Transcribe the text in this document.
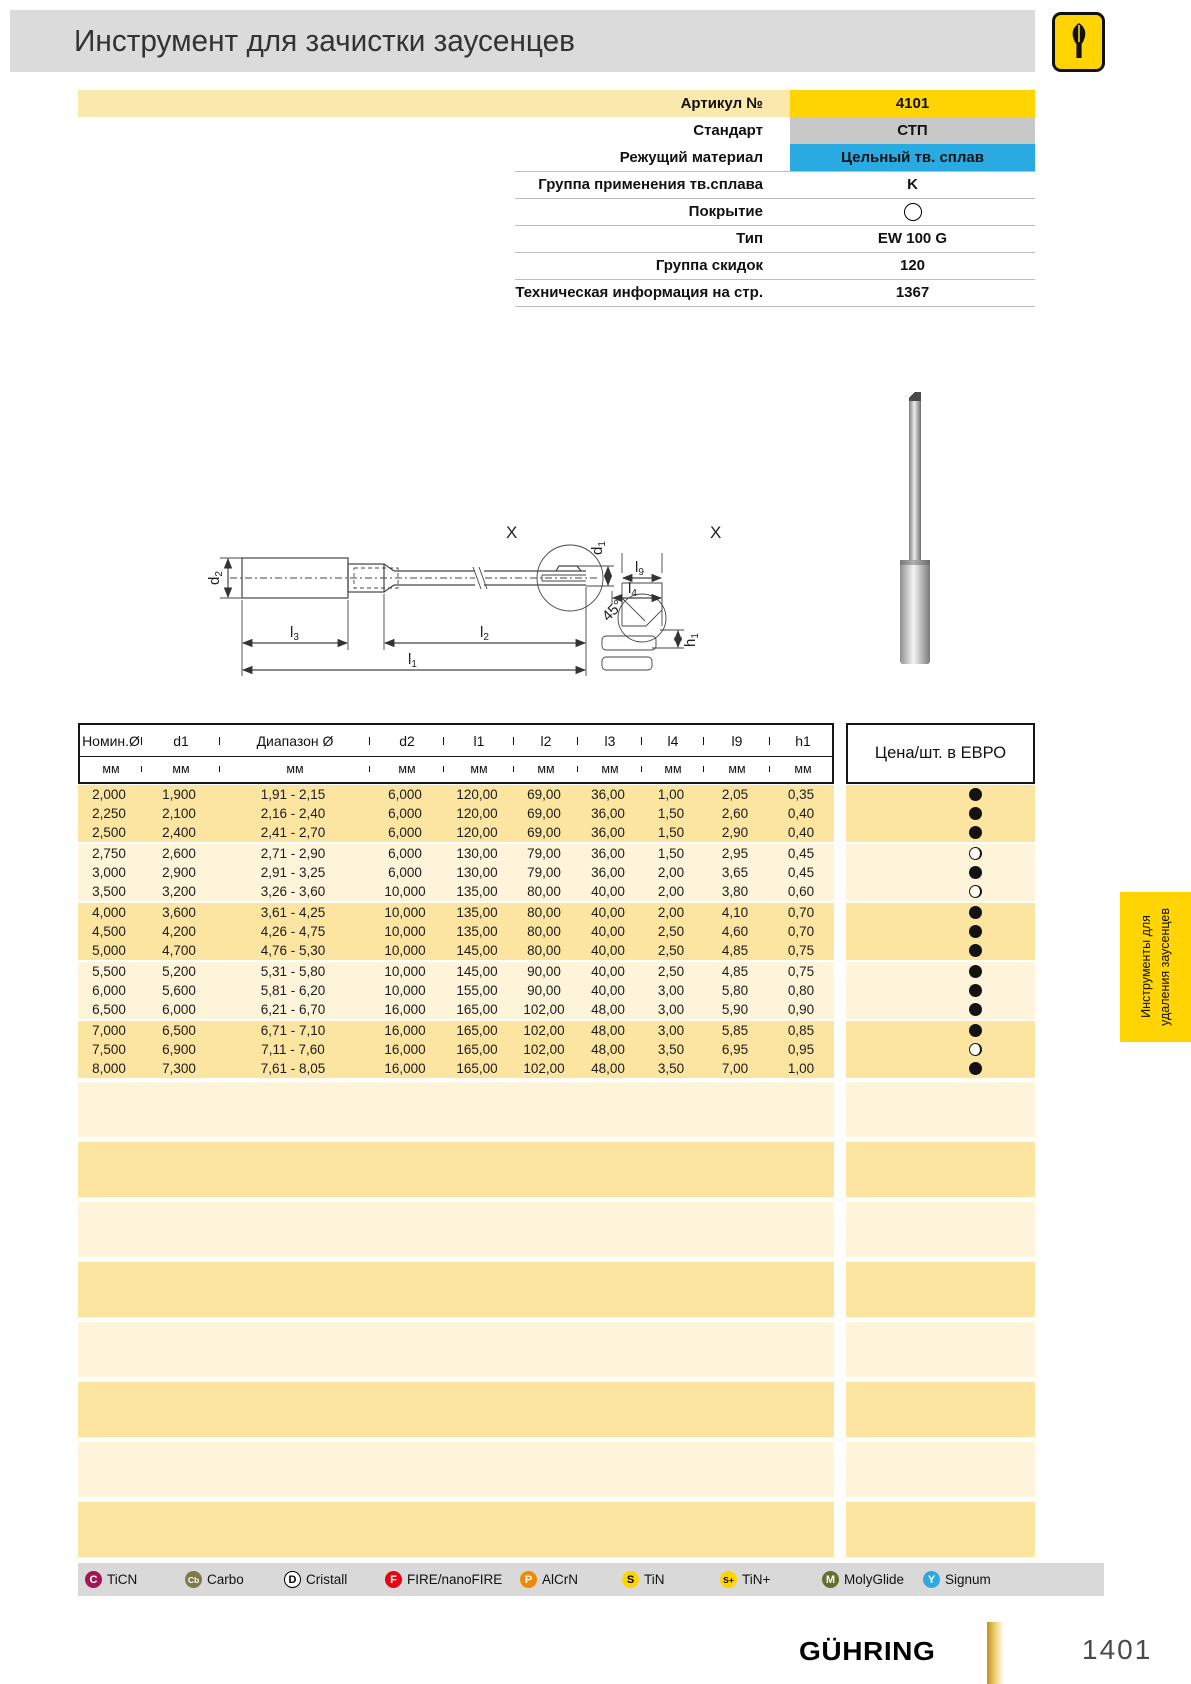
Инструмент для зачистки заусенцев
Артикул №	4101
Стандарт	СТП
Режущий материал	Цельный тв. сплав
Группа применения тв.сплава	K
Покрытие
Тип	EW 100 G
Группа скидок	120
Техническая информация на стр.	1367
X	X
$d_2$
$d_1$
$l_3$	$l_2$
$l_1$
$l_9$
$l_4$
$h_1$
45°
Номин.Ø	d1	Диапазон Ø	d2	l1	l2	l3	l4	l9	h1
мм	мм	мм	мм	мм	мм	мм	мм	мм	мм
2,000	1,900	1,91 - 2,15	6,000	120,00	69,00	36,00	1,00	2,05	0,35
2,250	2,100	2,16 - 2,40	6,000	120,00	69,00	36,00	1,50	2,60	0,40
2,500	2,400	2,41 - 2,70	6,000	120,00	69,00	36,00	1,50	2,90	0,40
2,750	2,600	2,71 - 2,90	6,000	130,00	79,00	36,00	1,50	2,95	0,45
3,000	2,900	2,91 - 3,25	6,000	130,00	79,00	36,00	2,00	3,65	0,45
3,500	3,200	3,26 - 3,60	10,000	135,00	80,00	40,00	2,00	3,80	0,60
4,000	3,600	3,61 - 4,25	10,000	135,00	80,00	40,00	2,00	4,10	0,70
4,500	4,200	4,26 - 4,75	10,000	135,00	80,00	40,00	2,50	4,60	0,70
5,000	4,700	4,76 - 5,30	10,000	145,00	80,00	40,00	2,50	4,85	0,75
5,500	5,200	5,31 - 5,80	10,000	145,00	90,00	40,00	2,50	4,85	0,75
6,000	5,600	5,81 - 6,20	10,000	155,00	90,00	40,00	3,00	5,80	0,80
6,500	6,000	6,21 - 6,70	16,000	165,00	102,00	48,00	3,00	5,90	0,90
7,000	6,500	6,71 - 7,10	16,000	165,00	102,00	48,00	3,00	5,85	0,85
7,500	6,900	7,11 - 7,60	16,000	165,00	102,00	48,00	3,50	6,95	0,95
8,000	7,300	7,61 - 8,05	16,000	165,00	102,00	48,00	3,50	7,00	1,00
Цена/шт. в ЕВРО
C TiCN	Cb Carbo	D Cristall	F FIRE/nanoFIRE	P AlCrN	S TiN	S+ TiN+	M MolyGlide	Y Signum
Инструменты для удаления заусенцев
GÜHRING	1401
